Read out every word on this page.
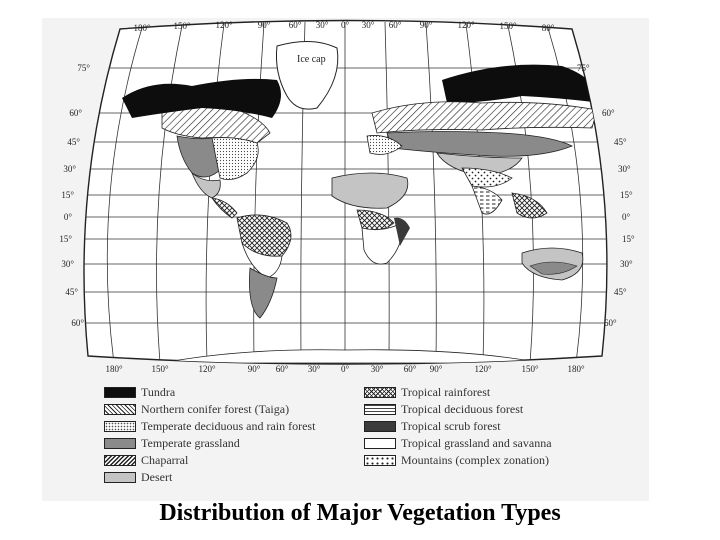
Ice cap
180°	150°	120°	90° 60° 30° 0° 30° 60° 90°	120°	150°	80°
180°	150°	120°	90° 60° 30° 0° 30° 60° 90°	120°	150°	180°
75°
60°
45°
30°
15°
0°
15°
30°
45°
60°
75°
60°
45°
30°
15°
0°
15°
30°
45°
60°
Tundra
Northern conifer forest (Taiga)
Temperate deciduous and rain forest
Temperate grassland
Chaparral
Desert
Tropical rainforest
Tropical deciduous forest
Tropical scrub forest
Tropical grassland and savanna
Mountains (complex zonation)
Distribution of Major Vegetation Types
